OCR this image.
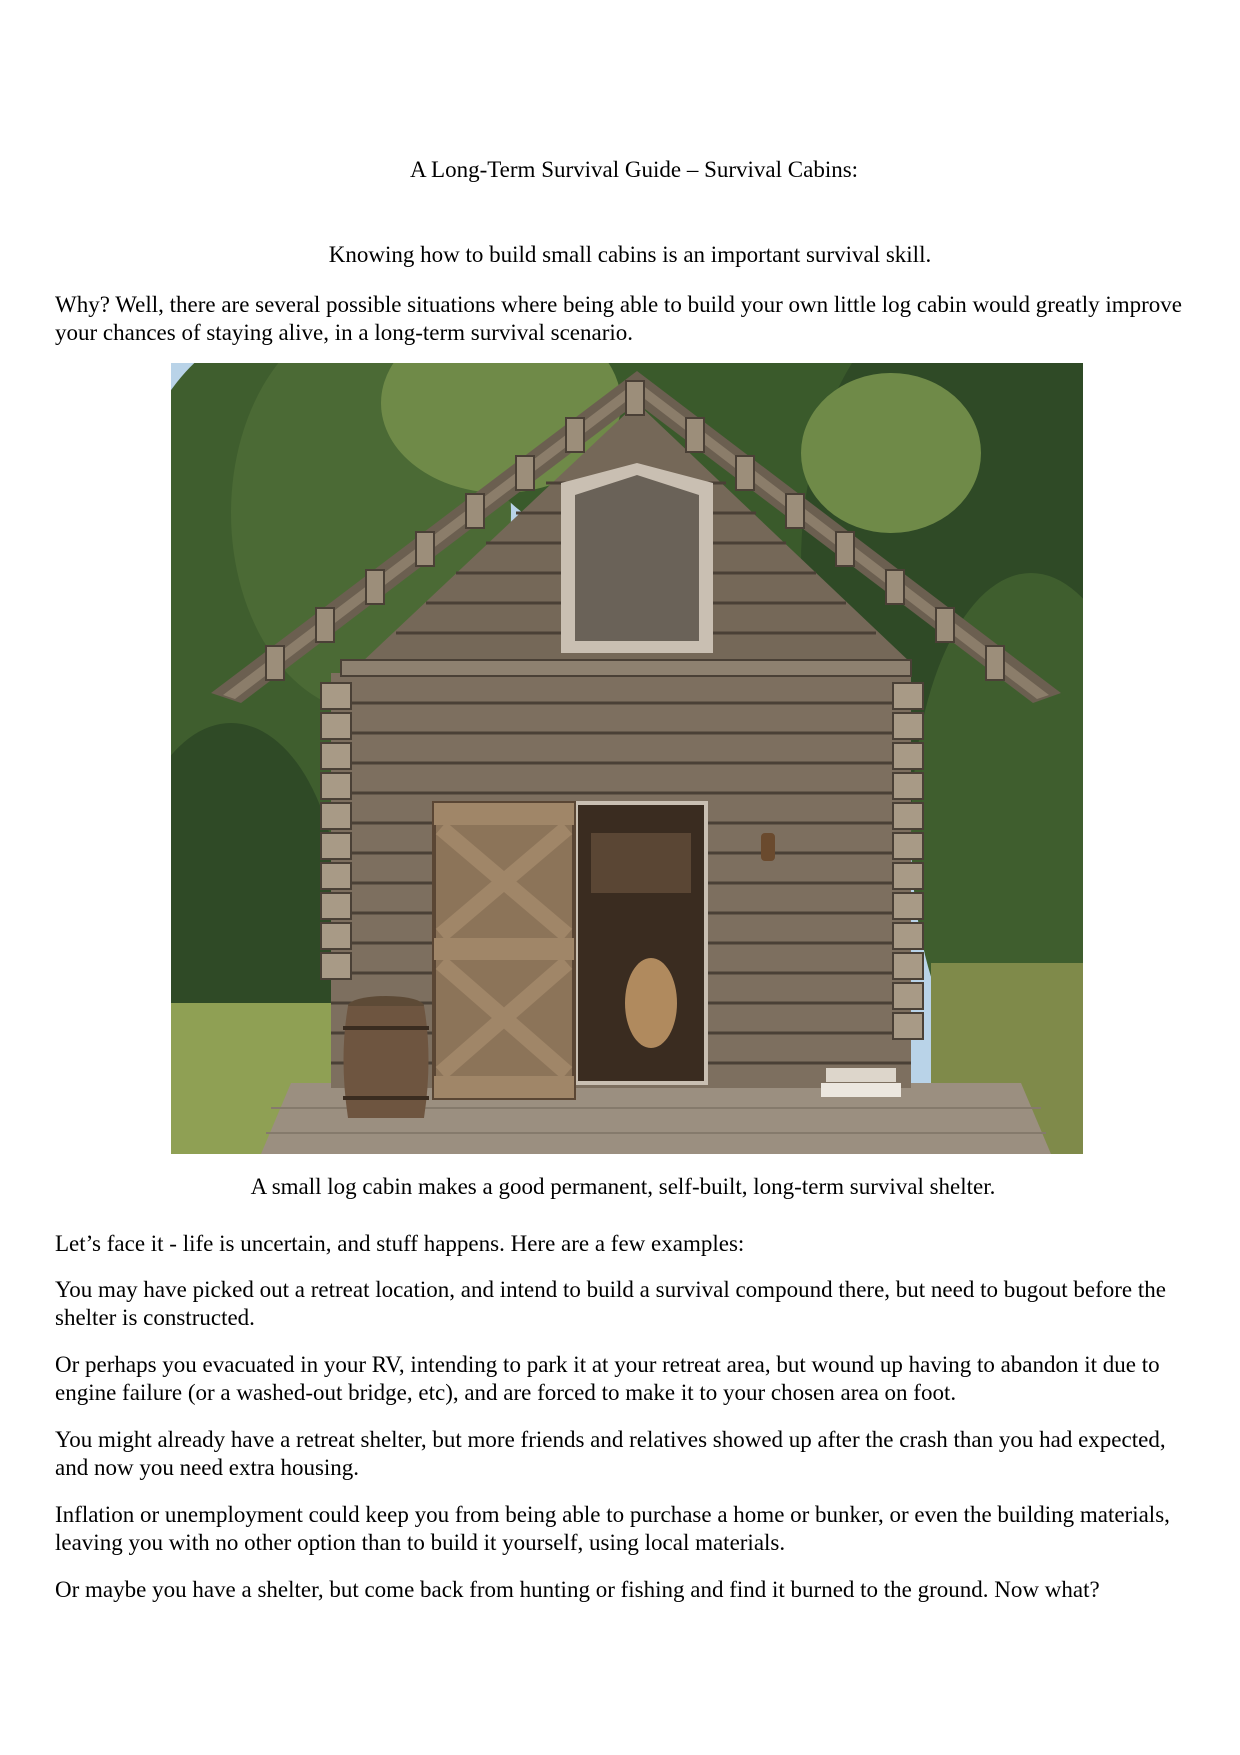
A Long-Term Survival Guide – Survival Cabins:
Knowing how to build small cabins is an important survival skill.

Why? Well, there are several possible situations where being able to build your own little log cabin would greatly improve your chances of staying alive, in a long-term survival scenario.

A small log cabin makes a good permanent, self-built, long-term survival shelter.

Let’s face it - life is uncertain, and stuff happens. Here are a few examples:

You may have picked out a retreat location, and intend to build a survival compound there, but need to bugout before the shelter is constructed.

Or perhaps you evacuated in your RV, intending to park it at your retreat area, but wound up having to abandon it due to engine failure (or a washed-out bridge, etc), and are forced to make it to your chosen area on foot.

You might already have a retreat shelter, but more friends and relatives showed up after the crash than you had expected, and now you need extra housing.

Inflation or unemployment could keep you from being able to purchase a home or bunker, or even the building materials, leaving you with no other option than to build it yourself, using local materials.

Or maybe you have a shelter, but come back from hunting or fishing and find it burned to the ground. Now what?
